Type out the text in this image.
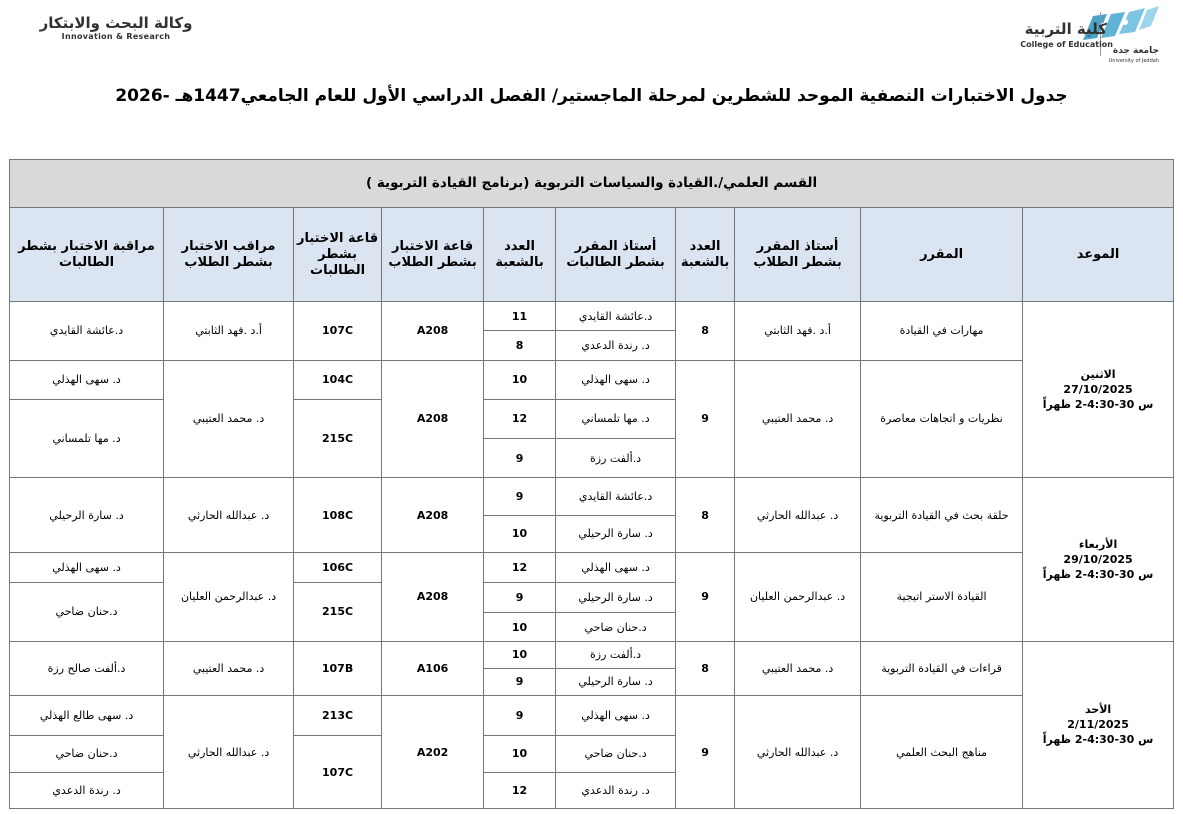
وكالة البحث والابتكار
Innovation & Research	كلية التربية
College of Education
جامعة جدة
University of Jeddah
جدول الاختبارات النصفية الموحد للشطرين لمرحلة الماجستير/ الفصل الدراسي الأول للعام الجامعي1447هـ -2026
القسم العلمي/.القيادة والسياسات التربوية (برنامج القيادة التربوية )									
الموعد	المقرر	أستاذ المقرر بشطر الطلاب	العدد بالشعبة	أستاذ المقرر بشطر الطالبات	العدد بالشعبة	قاعة الاختبار بشطر الطلاب	قاعة الاختبار بشطر الطالبات	مراقب الاختبار بشطر الطلاب	مراقبة الاختبار بشطر الطالبات

الاثنين
27/10/2025
س 30-4:30-2 ظهراً	مهارات في القيادة	أ.د .فهد الثابتي	8	د.عائشة القايدي	11	A208	107C	أ.د .فهد الثابتي	د.عائشة القايدي
				د. رندة الدعدي	8				
	نظريات و اتجاهات معاصرة	د. محمد العتيبي	9	د. سهى الهذلي	10	A208	104C	د. محمد العتيبي	د. سهى الهذلي
				د. مها تلمساني	12		215C		د. مها تلمساني
				د.ألفت رزة	9				

الأربعاء
29/10/2025
س 30-4:30-2 ظهراً	حلقة بحث في القيادة التربوية	د. عبدالله الحارثي	8	د.عائشة القايدي	9	A208	108C	د. عبدالله الحارثي	د. سارة الرحيلي
				د. سارة الرحيلي	10				
	القيادة الاستر اتيجية	د. عبدالرحمن العليان	9	د. سهى الهذلي	12	A208	106C	د. عبدالرحمن العليان	د. سهى الهذلي
				د. سارة الرحيلي	9		215C		د.حنان ضاحي
				د.حنان ضاحي	10				

الأحد
2/11/2025
س 30-4:30-2 ظهراً	قراءات في القيادة التربوية	د. محمد العتيبي	8	د.ألفت رزة	10	A106	107B	د. محمد العتيبي	د.ألفت صالح رزة
				د. سارة الرحيلي	9				
	مناهج البحث العلمي	د. عبدالله الحارثي	9	د. سهى الهذلي	9	A202	213C	د. عبدالله الحارثي	د. سهى طالع الهذلي
				د.حنان ضاحي	10		107C		د.حنان ضاحي
				د. رندة الدعدي	12				د. رندة الدعدي
